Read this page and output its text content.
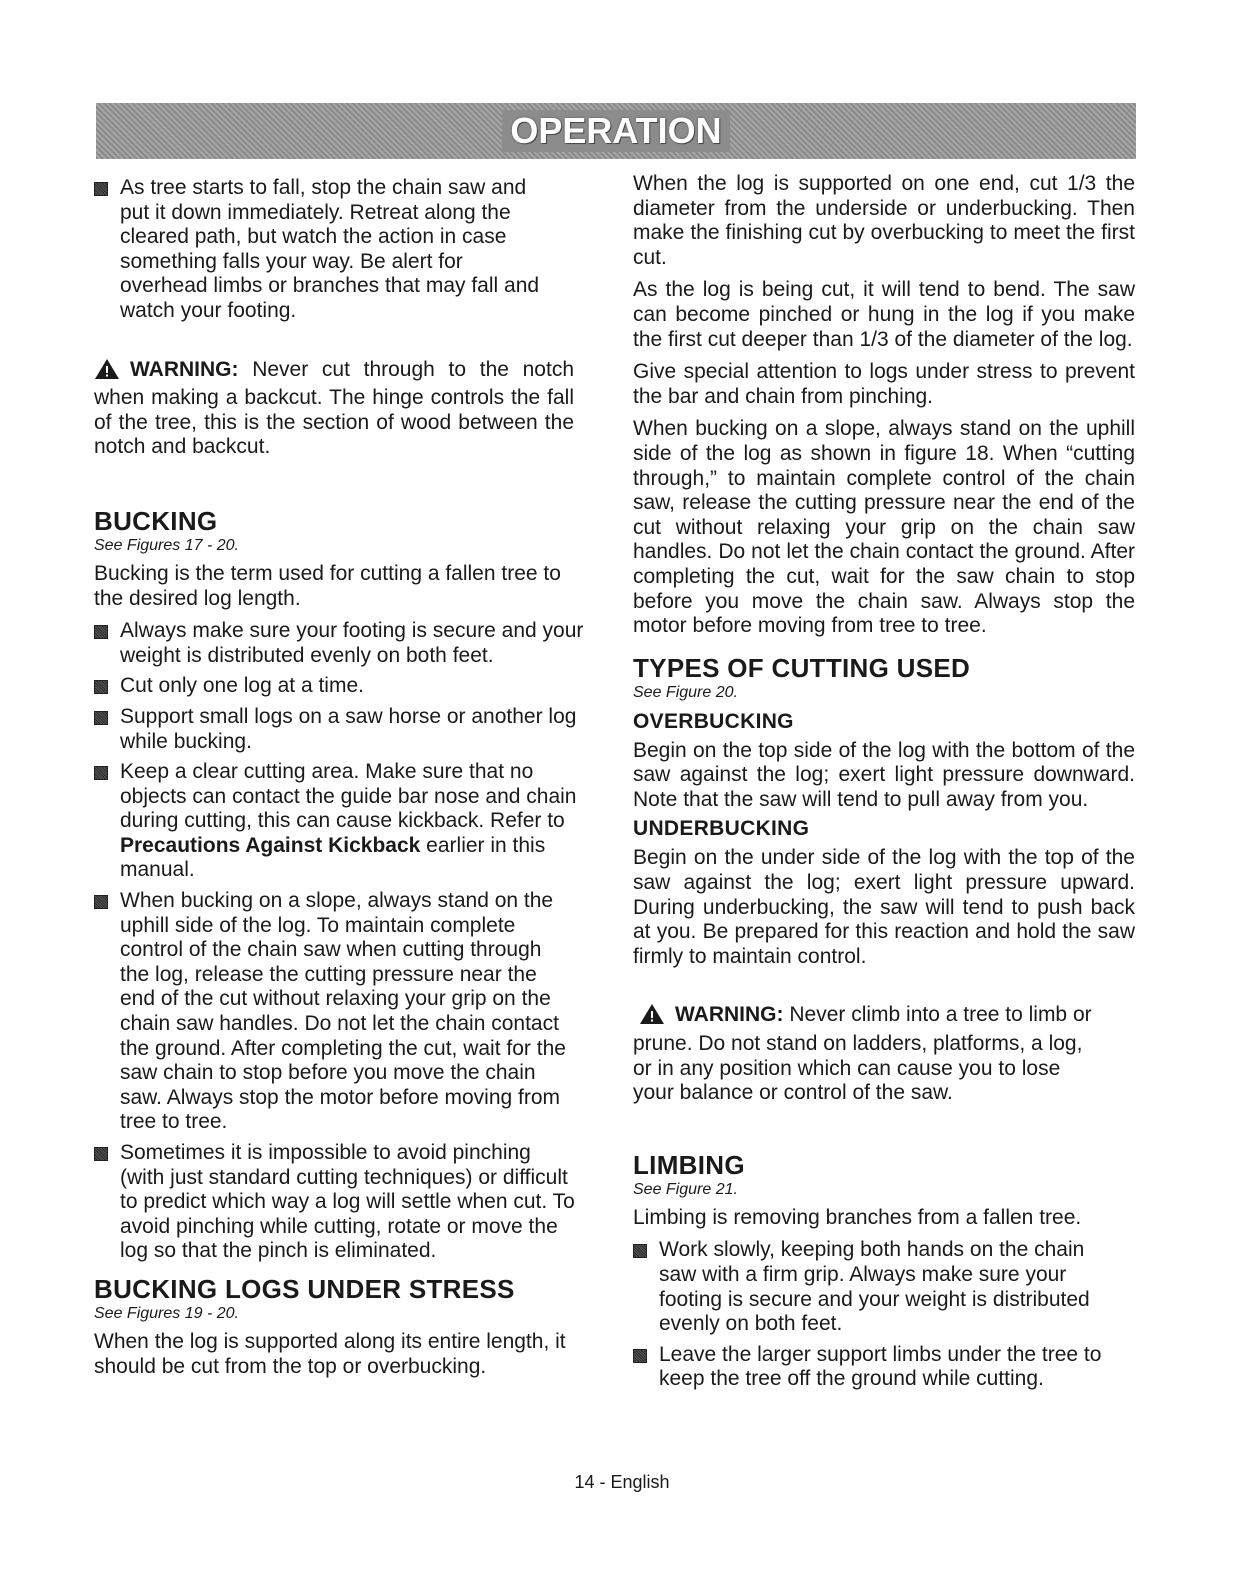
OPERATION
As tree starts to fall, stop the chain saw and put it down immediately. Retreat along the cleared path, but watch the action in case something falls your way. Be alert for overhead limbs or branches that may fall and watch your footing.
WARNING: Never cut through to the notch when making a backcut. The hinge controls the fall of the tree, this is the section of wood between the notch and backcut.
BUCKING
See Figures 17 - 20.

Bucking is the term used for cutting a fallen tree to the desired log length.

Always make sure your footing is secure and your weight is distributed evenly on both feet.
Cut only one log at a time.
Support small logs on a saw horse or another log while bucking.
Keep a clear cutting area. Make sure that no objects can contact the guide bar nose and chain during cutting, this can cause kickback. Refer to Precautions Against Kickback earlier in this manual.
When bucking on a slope, always stand on the uphill side of the log. To maintain complete control of the chain saw when cutting through the log, release the cutting pressure near the end of the cut without relaxing your grip on the chain saw handles. Do not let the chain contact the ground. After completing the cut, wait for the saw chain to stop before you move the chain saw. Always stop the motor before moving from tree to tree.
Sometimes it is impossible to avoid pinching (with just standard cutting techniques) or difficult to predict which way a log will settle when cut. To avoid pinching while cutting, rotate or move the log so that the pinch is eliminated.
BUCKING LOGS UNDER STRESS
See Figures 19 - 20.

When the log is supported along its entire length, it should be cut from the top or overbucking.

When the log is supported on one end, cut 1/3 the diameter from the underside or underbucking. Then make the finishing cut by overbucking to meet the first cut.

As the log is being cut, it will tend to bend. The saw can become pinched or hung in the log if you make the first cut deeper than 1/3 of the diameter of the log.

Give special attention to logs under stress to prevent the bar and chain from pinching.

When bucking on a slope, always stand on the uphill side of the log as shown in figure 18. When “cutting through,” to maintain complete control of the chain saw, release the cutting pressure near the end of the cut without relaxing your grip on the chain saw handles. Do not let the chain contact the ground. After completing the cut, wait for the saw chain to stop before you move the chain saw. Always stop the motor before moving from tree to tree.

TYPES OF CUTTING USED
See Figure 20.
OVERBUCKING

Begin on the top side of the log with the bottom of the saw against the log; exert light pressure downward. Note that the saw will tend to pull away from you.

UNDERBUCKING

Begin on the under side of the log with the top of the saw against the log; exert light pressure upward. During underbucking, the saw will tend to push back at you. Be prepared for this reaction and hold the saw firmly to maintain control.

WARNING: Never climb into a tree to limb or prune. Do not stand on ladders, platforms, a log, or in any position which can cause you to lose your balance or control of the saw.
LIMBING
See Figure 21.

Limbing is removing branches from a fallen tree.

Work slowly, keeping both hands on the chain saw with a firm grip. Always make sure your footing is secure and your weight is distributed evenly on both feet.
Leave the larger support limbs under the tree to keep the tree off the ground while cutting.
14 - English
